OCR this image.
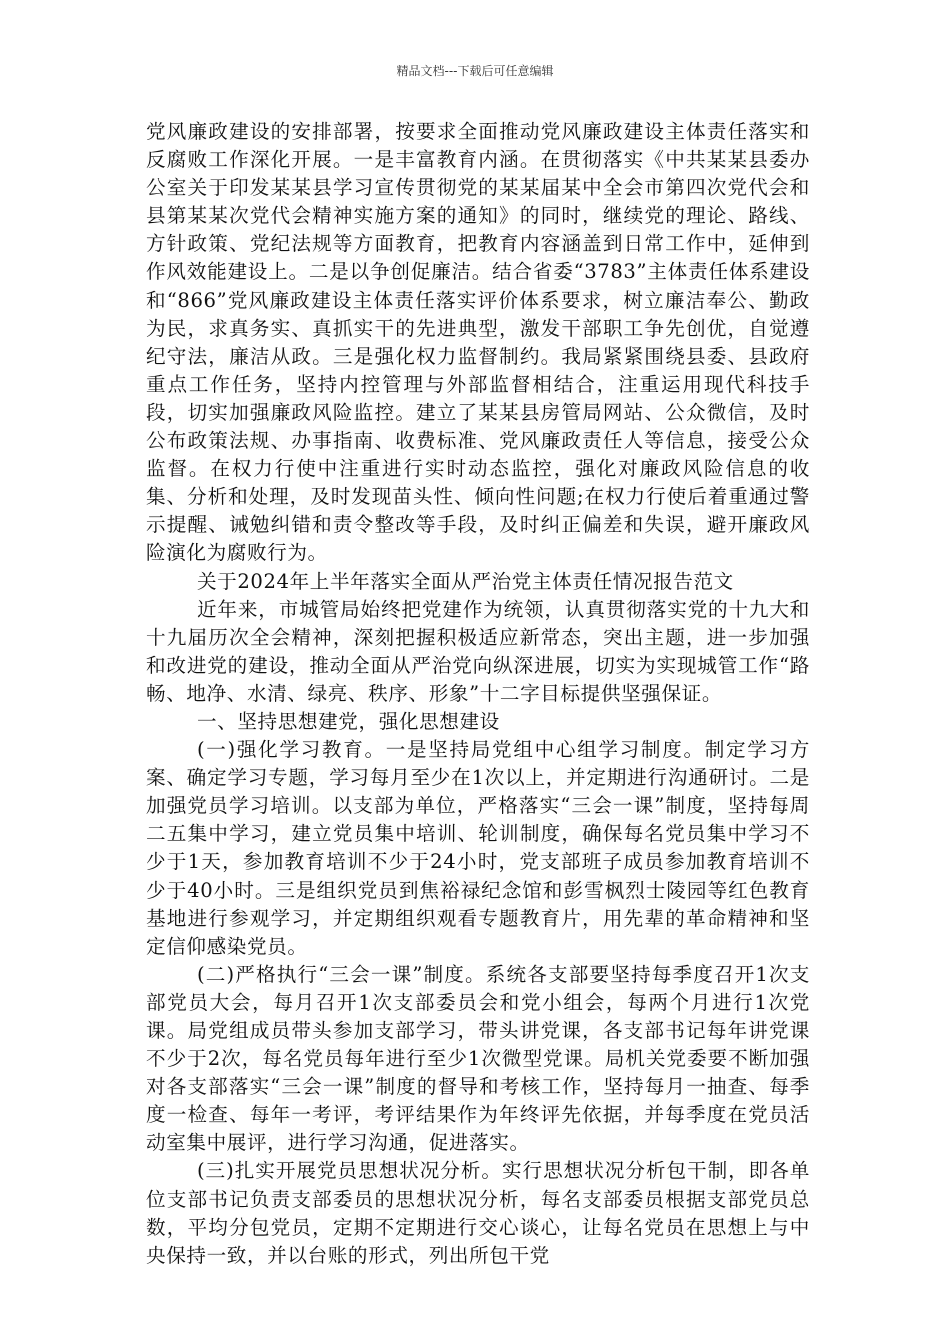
精品文档---下载后可任意编辑

党风廉政建设的安排部署，按要求全面推动党风廉政建设主体责任落实和反腐败工作深化开展。一是丰富教育内涵。在贯彻落实《中共某某县委办公室关于印发某某县学习宣传贯彻党的某某届某中全会市第四次党代会和县第某某次党代会精神实施方案的通知》的同时，继续党的理论、路线、方针政策、党纪法规等方面教育，把教育内容涵盖到日常工作中，延伸到作风效能建设上。二是以争创促廉洁。结合省委“3783”主体责任体系建设和“866”党风廉政建设主体责任落实评价体系要求，树立廉洁奉公、勤政为民，求真务实、真抓实干的先进典型，激发干部职工争先创优，自觉遵纪守法，廉洁从政。三是强化权力监督制约。我局紧紧围绕县委、县政府重点工作任务，坚持内控管理与外部监督相结合，注重运用现代科技手段，切实加强廉政风险监控。建立了某某县房管局网站、公众微信，及时公布政策法规、办事指南、收费标准、党风廉政责任人等信息，接受公众监督。在权力行使中注重进行实时动态监控，强化对廉政风险信息的收集、分析和处理，及时发现苗头性、倾向性问题;在权力行使后着重通过警示提醒、诫勉纠错和责令整改等手段，及时纠正偏差和失误，避开廉政风险演化为腐败行为。

关于2024年上半年落实全面从严治党主体责任情况报告范文

近年来，市城管局始终把党建作为统领，认真贯彻落实党的十九大和十九届历次全会精神，深刻把握积极适应新常态，突出主题，进一步加强和改进党的建设，推动全面从严治党向纵深进展，切实为实现城管工作“路畅、地净、水清、绿亮、秩序、形象”十二字目标提供坚强保证。

一、坚持思想建党，强化思想建设

(一)强化学习教育。一是坚持局党组中心组学习制度。制定学习方案、确定学习专题，学习每月至少在1次以上，并定期进行沟通研讨。二是加强党员学习培训。以支部为单位，严格落实“三会一课”制度，坚持每周二五集中学习，建立党员集中培训、轮训制度，确保每名党员集中学习不少于1天，参加教育培训不少于24小时，党支部班子成员参加教育培训不少于40小时。三是组织党员到焦裕禄纪念馆和彭雪枫烈士陵园等红色教育基地进行参观学习，并定期组织观看专题教育片，用先辈的革命精神和坚定信仰感染党员。

(二)严格执行“三会一课”制度。系统各支部要坚持每季度召开1次支部党员大会，每月召开1次支部委员会和党小组会，每两个月进行1次党课。局党组成员带头参加支部学习，带头讲党课，各支部书记每年讲党课不少于2次，每名党员每年进行至少1次微型党课。局机关党委要不断加强对各支部落实“三会一课”制度的督导和考核工作，坚持每月一抽查、每季度一检查、每年一考评，考评结果作为年终评先依据，并每季度在党员活动室集中展评，进行学习沟通，促进落实。

(三)扎实开展党员思想状况分析。实行思想状况分析包干制，即各单位支部书记负责支部委员的思想状况分析，每名支部委员根据支部党员总数，平均分包党员，定期不定期进行交心谈心，让每名党员在思想上与中央保持一致，并以台账的形式，列出所包干党
